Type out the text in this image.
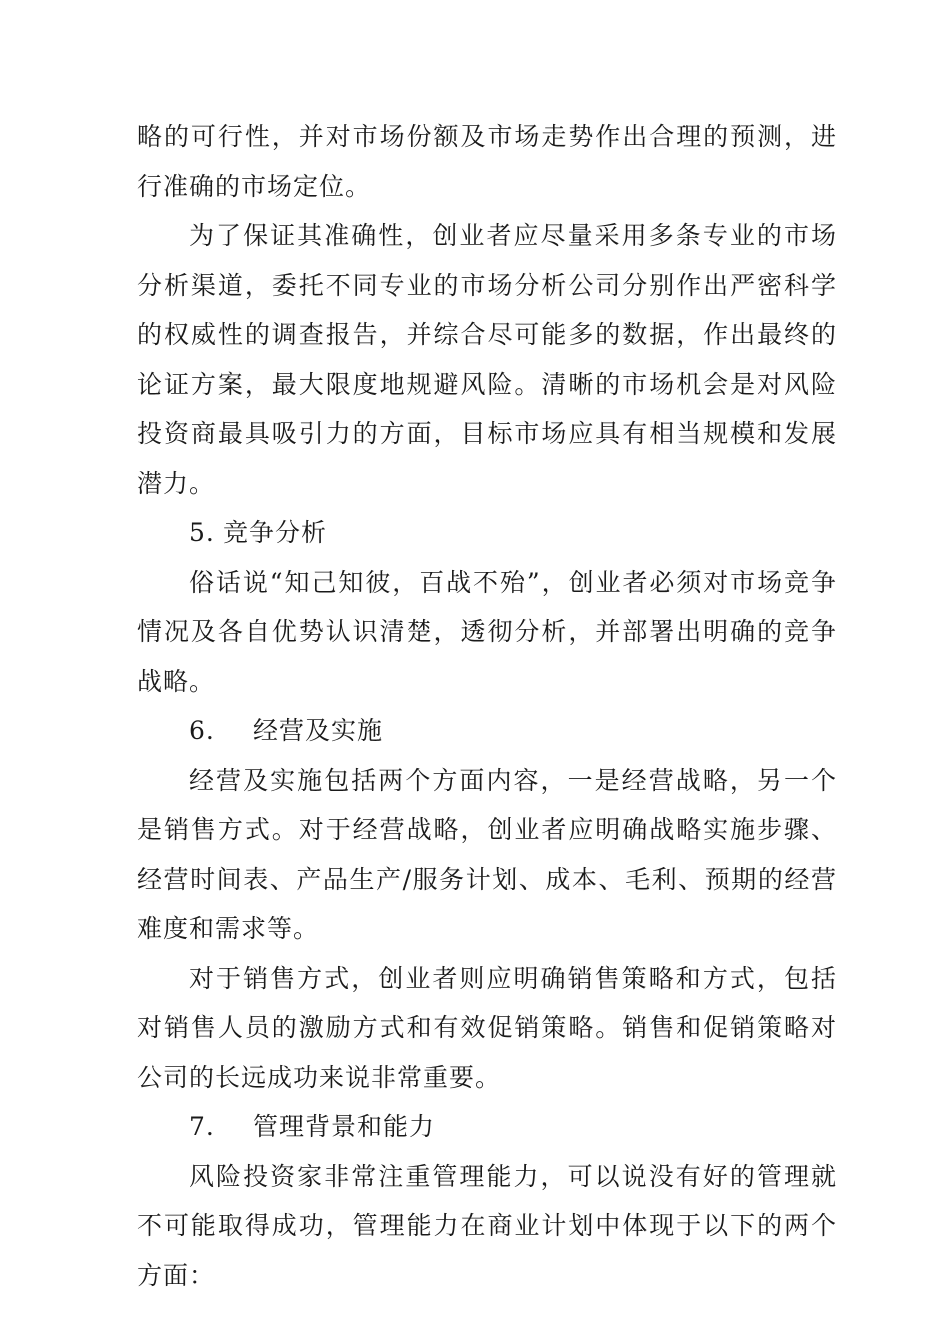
略的可行性，并对市场份额及市场走势作出合理的预测，进行准确的市场定位。

为了保证其准确性，创业者应尽量采用多条专业的市场分析渠道，委托不同专业的市场分析公司分别作出严密科学的权威性的调查报告，并综合尽可能多的数据，作出最终的论证方案，最大限度地规避风险。清晰的市场机会是对风险投资商最具吸引力的方面，目标市场应具有相当规模和发展潜力。

5. 竞争分析

俗话说“知己知彼，百战不殆”，创业者必须对市场竞争情况及各自优势认识清楚，透彻分析，并部署出明确的竞争战略。

6. 经营及实施

经营及实施包括两个方面内容，一是经营战略，另一个是销售方式。对于经营战略，创业者应明确战略实施步骤、经营时间表、产品生产/服务计划、成本、毛利、预期的经营难度和需求等。

对于销售方式，创业者则应明确销售策略和方式，包括对销售人员的激励方式和有效促销策略。销售和促销策略对公司的长远成功来说非常重要。

7. 管理背景和能力

风险投资家非常注重管理能力，可以说没有好的管理就不可能取得成功，管理能力在商业计划中体现于以下的两个方面：
